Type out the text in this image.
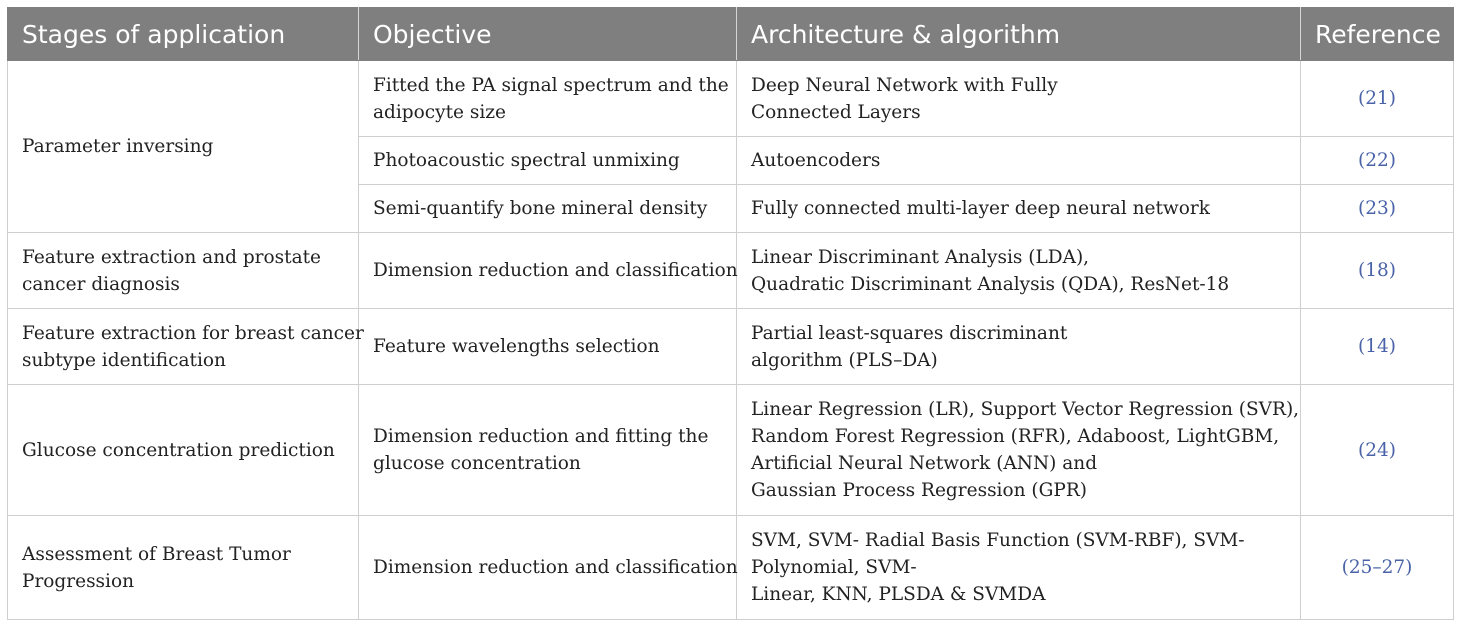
Stages of application	Objective	Architecture & algorithm	Reference

Parameter inversing	Fitted the PA signal spectrum and the
adipocyte size	Deep Neural Network with Fully
Connected Layers	(21)

	Photoacoustic spectral unmixing	Autoencoders	(22)

	Semi-quantify bone mineral density	Fully connected multi-layer deep neural network	(23)

Feature extraction and prostate
cancer diagnosis	Dimension reduction and classification	Linear Discriminant Analysis (LDA),
Quadratic Discriminant Analysis (QDA), ResNet-18	(18)

Feature extraction for breast cancer
subtype identification	Feature wavelengths selection	Partial least-squares discriminant
algorithm (PLS–DA)	(14)

Glucose concentration prediction	Dimension reduction and fitting the
glucose concentration	Linear Regression (LR), Support Vector Regression (SVR),
Random Forest Regression (RFR), Adaboost, LightGBM,
Artificial Neural Network (ANN) and
Gaussian Process Regression (GPR)	(24)

Assessment of Breast Tumor
Progression	Dimension reduction and classification	SVM, SVM- Radial Basis Function (SVM-RBF), SVM-
Polynomial, SVM-
Linear, KNN, PLSDA & SVMDA	(25–27)
